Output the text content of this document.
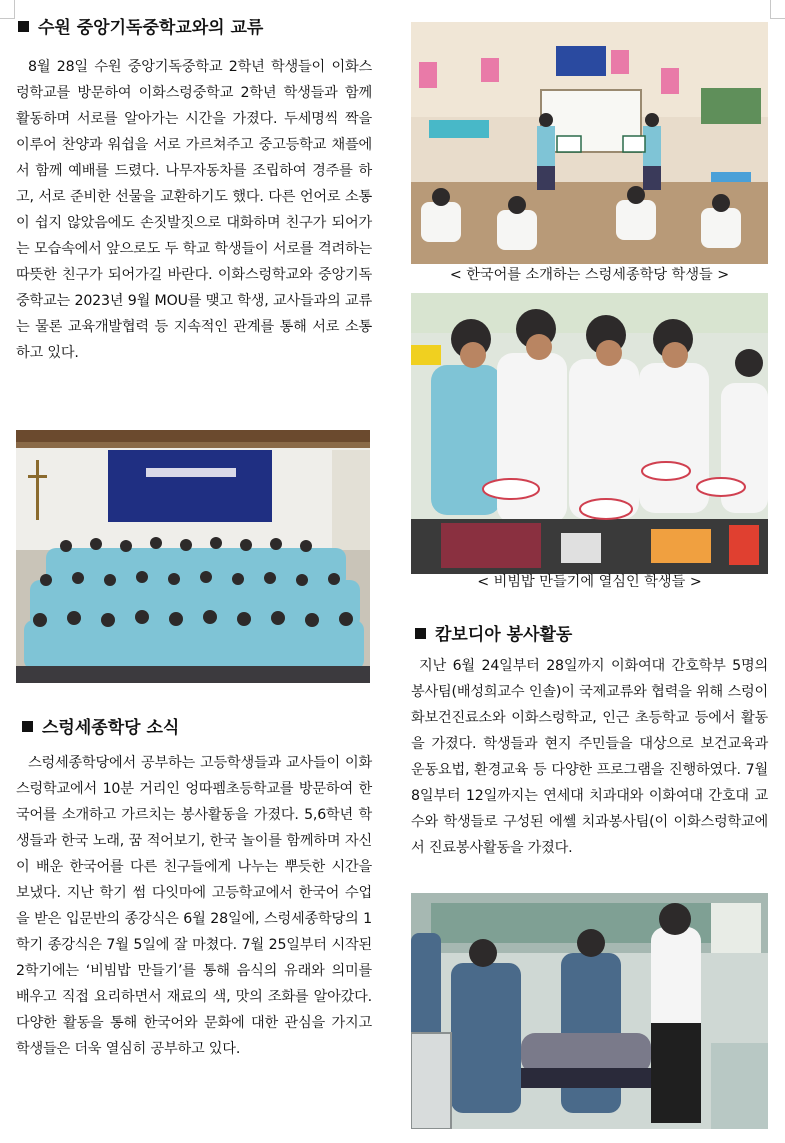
수원 중앙기독중학교와의 교류

8월 28일 수원 중앙기독중학교 2학년 학생들이 이화스렁학교를 방문하여 이화스렁중학교 2학년 학생들과 함께 활동하며 서로를 알아가는 시간을 가졌다. 두세명씩 짝을 이루어 찬양과 워쉽을 서로 가르쳐주고 중고등학교 채플에서 함께 예배를 드렸다. 나무자동차를 조립하여 경주를 하고, 서로 준비한 선물을 교환하기도 했다. 다른 언어로 소통이 쉽지 않았음에도 손짓발짓으로 대화하며 친구가 되어가는 모습속에서 앞으로도 두 학교 학생들이 서로를 격려하는 따뜻한 친구가 되어가길 바란다. 이화스렁학교와 중앙기독중학교는 2023년 9월 MOU를 맺고 학생, 교사들과의 교류는 물론 교육개발협력 등 지속적인 관계를 통해 서로 소통하고 있다.

스렁세종학당 소식

스렁세종학당에서 공부하는 고등학생들과 교사들이 이화스렁학교에서 10분 거리인 엉따펨초등학교를 방문하여 한국어를 소개하고 가르치는 봉사활동을 가졌다. 5,6학년 학생들과 한국 노래, 꿈 적어보기, 한국 놀이를 함께하며 자신이 배운 한국어를 다른 친구들에게 나누는 뿌듯한 시간을 보냈다. 지난 학기 썸 다잇마에 고등학교에서 한국어 수업을 받은 입문반의 종강식은 6월 28일에, 스렁세종학당의 1학기 종강식은 7월 5일에 잘 마쳤다. 7월 25일부터 시작된 2학기에는 ‘비빔밥 만들기’를 통해 음식의 유래와 의미를 배우고 직접 요리하면서 재료의 색, 맛의 조화를 알아갔다. 다양한 활동을 통해 한국어와 문화에 대한 관심을 가지고 학생들은 더욱 열심히 공부하고 있다.

< 한국어를 소개하는 스렁세종학당 학생들 >

< 비빔밥 만들기에 열심인 학생들 >

캄보디아 봉사활동

지난 6월 24일부터 28일까지 이화여대 간호학부 5명의 봉사팀(배성희교수 인솔)이 국제교류와 협력을 위해 스렁이화보건진료소와 이화스렁학교, 인근 초등학교 등에서 활동을 가졌다. 학생들과 현지 주민들을 대상으로 보건교육과 운동요법, 환경교육 등 다양한 프로그램을 진행하였다. 7월 8일부터 12일까지는 연세대 치과대와 이화여대 간호대 교수와 학생들로 구성된 에쎌 치과봉사팀(이 이화스렁학교에서 진료봉사활동을 가졌다.
